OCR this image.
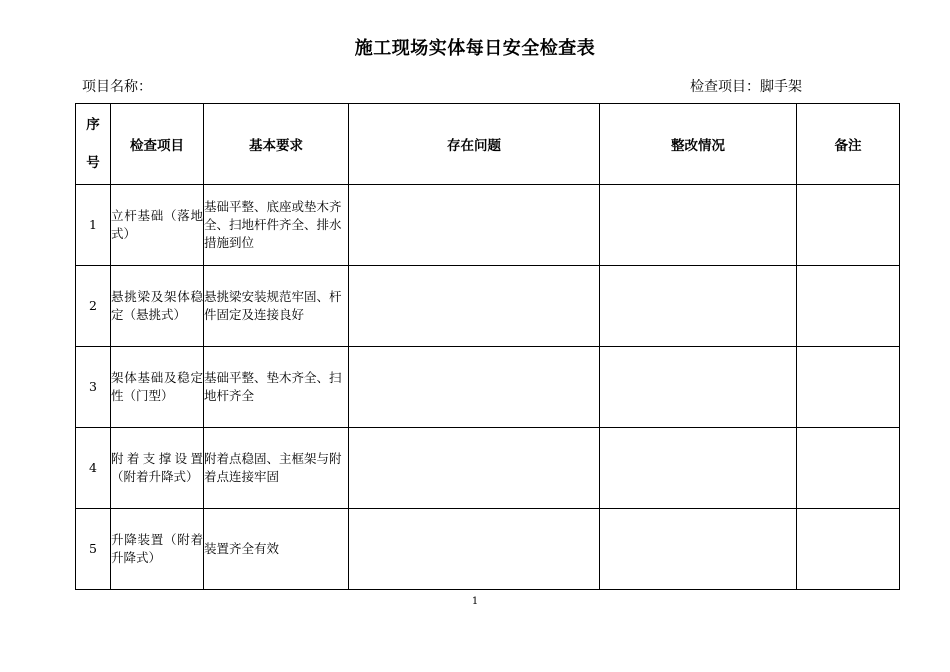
施工现场实体每日安全检查表
项目名称：	检查项目：脚手架
序
号	检查项目	基本要求	存在问题	整改情况	备注
1	立杆基础（落地式）	基础平整、底座或垫木齐全、扫地杆件齐全、排水措施到位			
2	悬挑梁及架体稳定（悬挑式）	悬挑梁安装规范牢固、杆件固定及连接良好			
3	架体基础及稳定性（门型）	基础平整、垫木齐全、扫地杆齐全			
4	附着支撑设置（附着升降式）	附着点稳固、主框架与附着点连接牢固			
5	升降装置（附着升降式）	装置齐全有效			
1
